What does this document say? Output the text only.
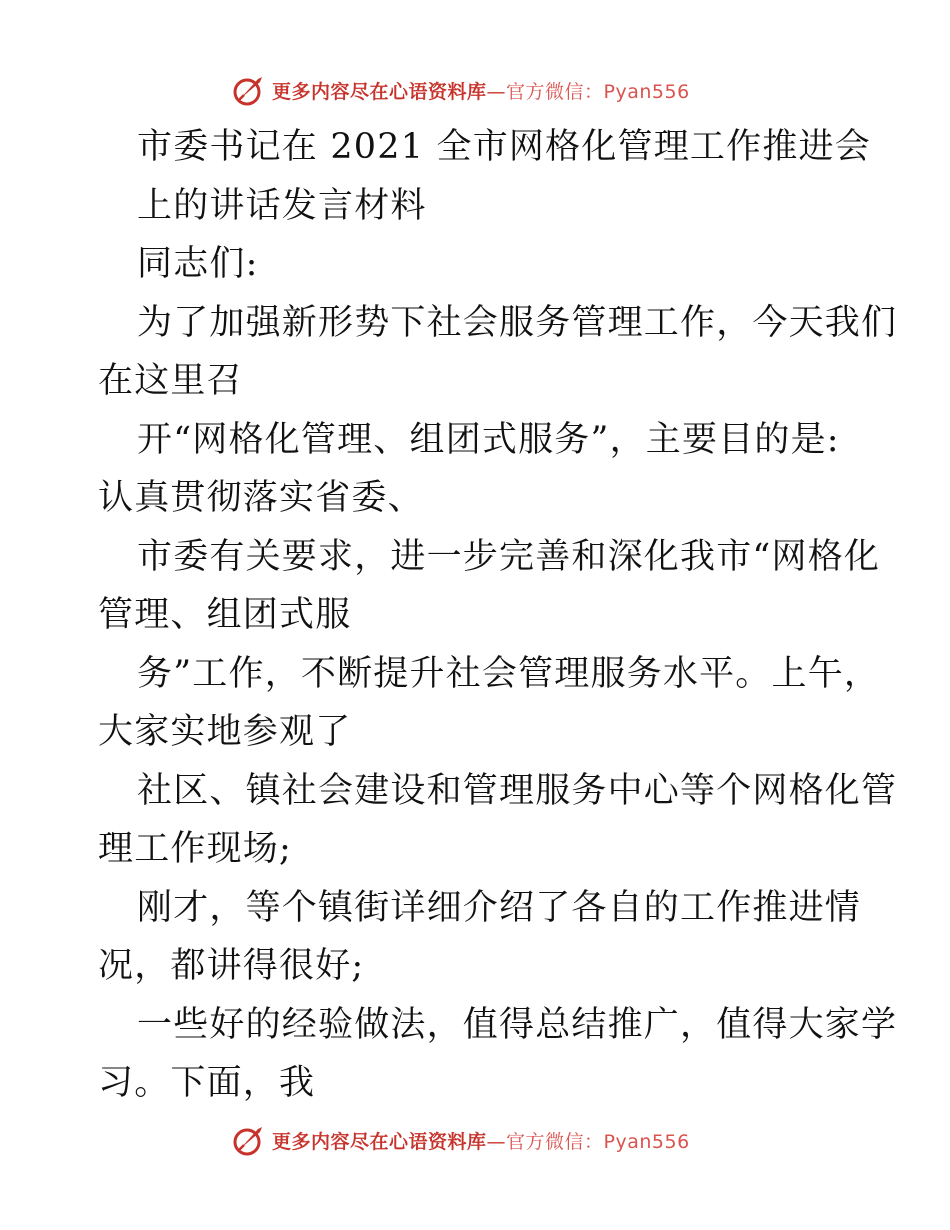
更多内容尽在心语资料库—官方微信：Pyan556
市委书记在 2021 全市网格化管理工作推进会
上的讲话发言材料
同志们:
为了加强新形势下社会服务管理工作，今天我们
在这里召
开“网格化管理、组团式服务”，主要目的是:
认真贯彻落实省委、
市委有关要求，进一步完善和深化我市“网格化
管理、组团式服
务”工作，不断提升社会管理服务水平。上午，
大家实地参观了
社区、镇社会建设和管理服务中心等个网格化管
理工作现场;
刚才，等个镇街详细介绍了各自的工作推进情
况，都讲得很好;
一些好的经验做法，值得总结推广，值得大家学
习。下面，我
更多内容尽在心语资料库—官方微信：Pyan556
